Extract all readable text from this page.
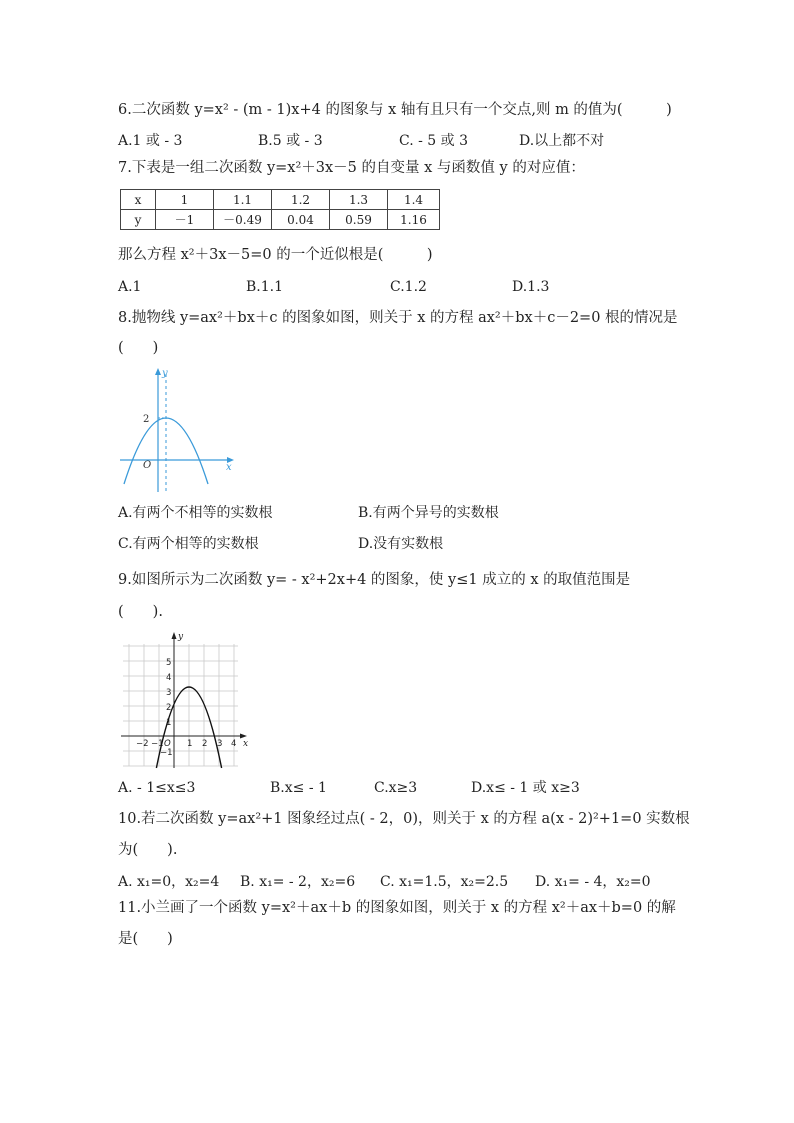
6.二次函数 y=x² - (m - 1)x+4 的图象与 x 轴有且只有一个交点,则 m 的值为(　　　)
A.1 或 - 3	B.5 或 - 3	C. - 5 或 3	D.以上都不对
7.下表是一组二次函数 y=x²＋3x－5 的自变量 x 与函数值 y 的对应值：
x	1	1.1	1.2	1.3	1.4
y	－1	－0.49	0.04	0.59	1.16
那么方程 x²＋3x－5=0 的一个近似根是(　　　)
A.1	B.1.1	C.1.2	D.1.3
8.抛物线 y=ax²＋bx＋c 的图象如图，则关于 x 的方程 ax²＋bx＋c－2=0 根的情况是
(　　)
y
x
O
2
A.有两个不相等的实数根	B.有两个异号的实数根
C.有两个相等的实数根	D.没有实数根
9.如图所示为二次函数 y= - x²+2x+4 的图象，使 y≤1 成立的 x 的取值范围是
(　　).
y
x
−2 −1 O 1 2 3 4
5
4
3
2
1
−1
A. - 1≤x≤3	B.x≤ - 1	C.x≥3	D.x≤ - 1 或 x≥3
10.若二次函数 y=ax²+1 图象经过点( - 2，0)，则关于 x 的方程 a(x - 2)²+1=0 实数根
为(　　).
A. x₁=0，x₂=4 B. x₁= - 2，x₂=6 C. x₁=1.5，x₂=2.5 D. x₁= - 4，x₂=0
11.小兰画了一个函数 y=x²＋ax＋b 的图象如图，则关于 x 的方程 x²＋ax＋b=0 的解
是(　　)
